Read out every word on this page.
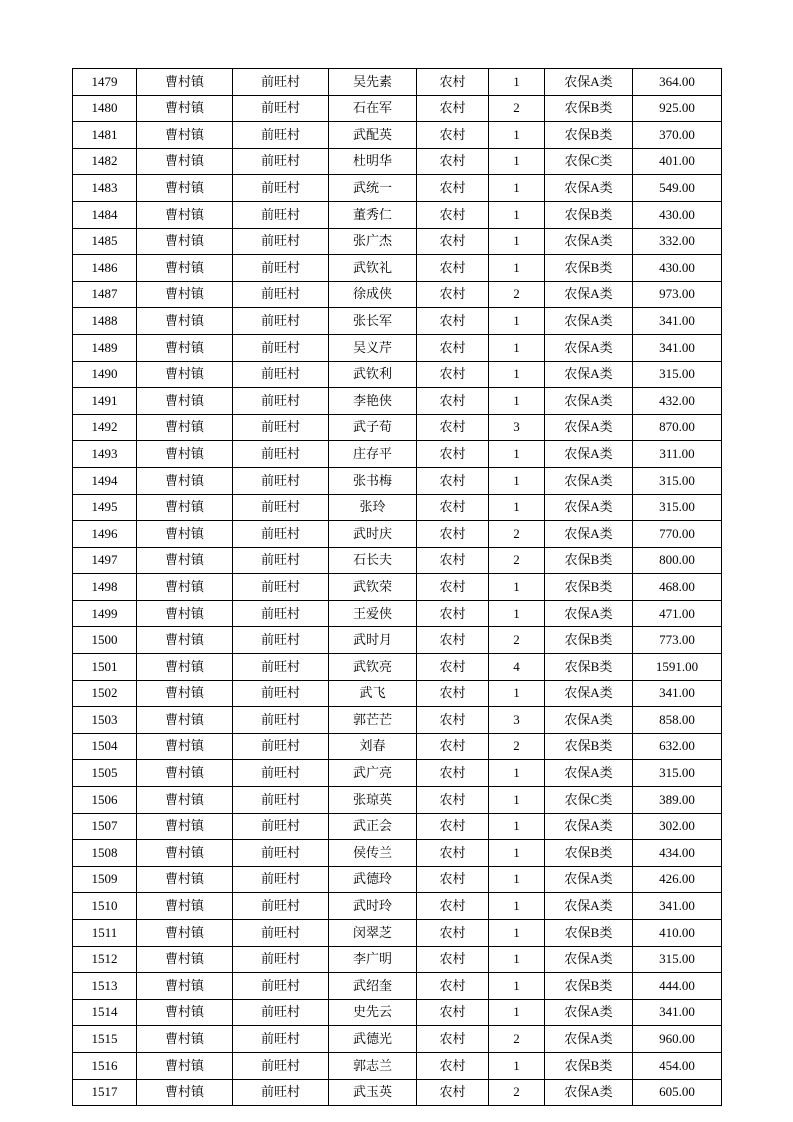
1479	曹村镇	前旺村	吴先素	农村	1	农保A类	364.00
1480	曹村镇	前旺村	石在军	农村	2	农保B类	925.00
1481	曹村镇	前旺村	武配英	农村	1	农保B类	370.00
1482	曹村镇	前旺村	杜明华	农村	1	农保C类	401.00
1483	曹村镇	前旺村	武统一	农村	1	农保A类	549.00
1484	曹村镇	前旺村	董秀仁	农村	1	农保B类	430.00
1485	曹村镇	前旺村	张广杰	农村	1	农保A类	332.00
1486	曹村镇	前旺村	武钦礼	农村	1	农保B类	430.00
1487	曹村镇	前旺村	徐成侠	农村	2	农保A类	973.00
1488	曹村镇	前旺村	张长军	农村	1	农保A类	341.00
1489	曹村镇	前旺村	吴义芹	农村	1	农保A类	341.00
1490	曹村镇	前旺村	武钦利	农村	1	农保A类	315.00
1491	曹村镇	前旺村	李艳侠	农村	1	农保A类	432.00
1492	曹村镇	前旺村	武子荀	农村	3	农保A类	870.00
1493	曹村镇	前旺村	庄存平	农村	1	农保A类	311.00
1494	曹村镇	前旺村	张书梅	农村	1	农保A类	315.00
1495	曹村镇	前旺村	张玲	农村	1	农保A类	315.00
1496	曹村镇	前旺村	武时庆	农村	2	农保A类	770.00
1497	曹村镇	前旺村	石长夫	农村	2	农保B类	800.00
1498	曹村镇	前旺村	武钦荣	农村	1	农保B类	468.00
1499	曹村镇	前旺村	王爱侠	农村	1	农保A类	471.00
1500	曹村镇	前旺村	武时月	农村	2	农保B类	773.00
1501	曹村镇	前旺村	武钦亮	农村	4	农保B类	1591.00
1502	曹村镇	前旺村	武飞	农村	1	农保A类	341.00
1503	曹村镇	前旺村	郭芒芒	农村	3	农保A类	858.00
1504	曹村镇	前旺村	刘春	农村	2	农保B类	632.00
1505	曹村镇	前旺村	武广亮	农村	1	农保A类	315.00
1506	曹村镇	前旺村	张琼英	农村	1	农保C类	389.00
1507	曹村镇	前旺村	武正会	农村	1	农保A类	302.00
1508	曹村镇	前旺村	侯传兰	农村	1	农保B类	434.00
1509	曹村镇	前旺村	武德玲	农村	1	农保A类	426.00
1510	曹村镇	前旺村	武时玲	农村	1	农保A类	341.00
1511	曹村镇	前旺村	闵翠芝	农村	1	农保B类	410.00
1512	曹村镇	前旺村	李广明	农村	1	农保A类	315.00
1513	曹村镇	前旺村	武绍奎	农村	1	农保B类	444.00
1514	曹村镇	前旺村	史先云	农村	1	农保A类	341.00
1515	曹村镇	前旺村	武德光	农村	2	农保A类	960.00
1516	曹村镇	前旺村	郭志兰	农村	1	农保B类	454.00
1517	曹村镇	前旺村	武玉英	农村	2	农保A类	605.00
